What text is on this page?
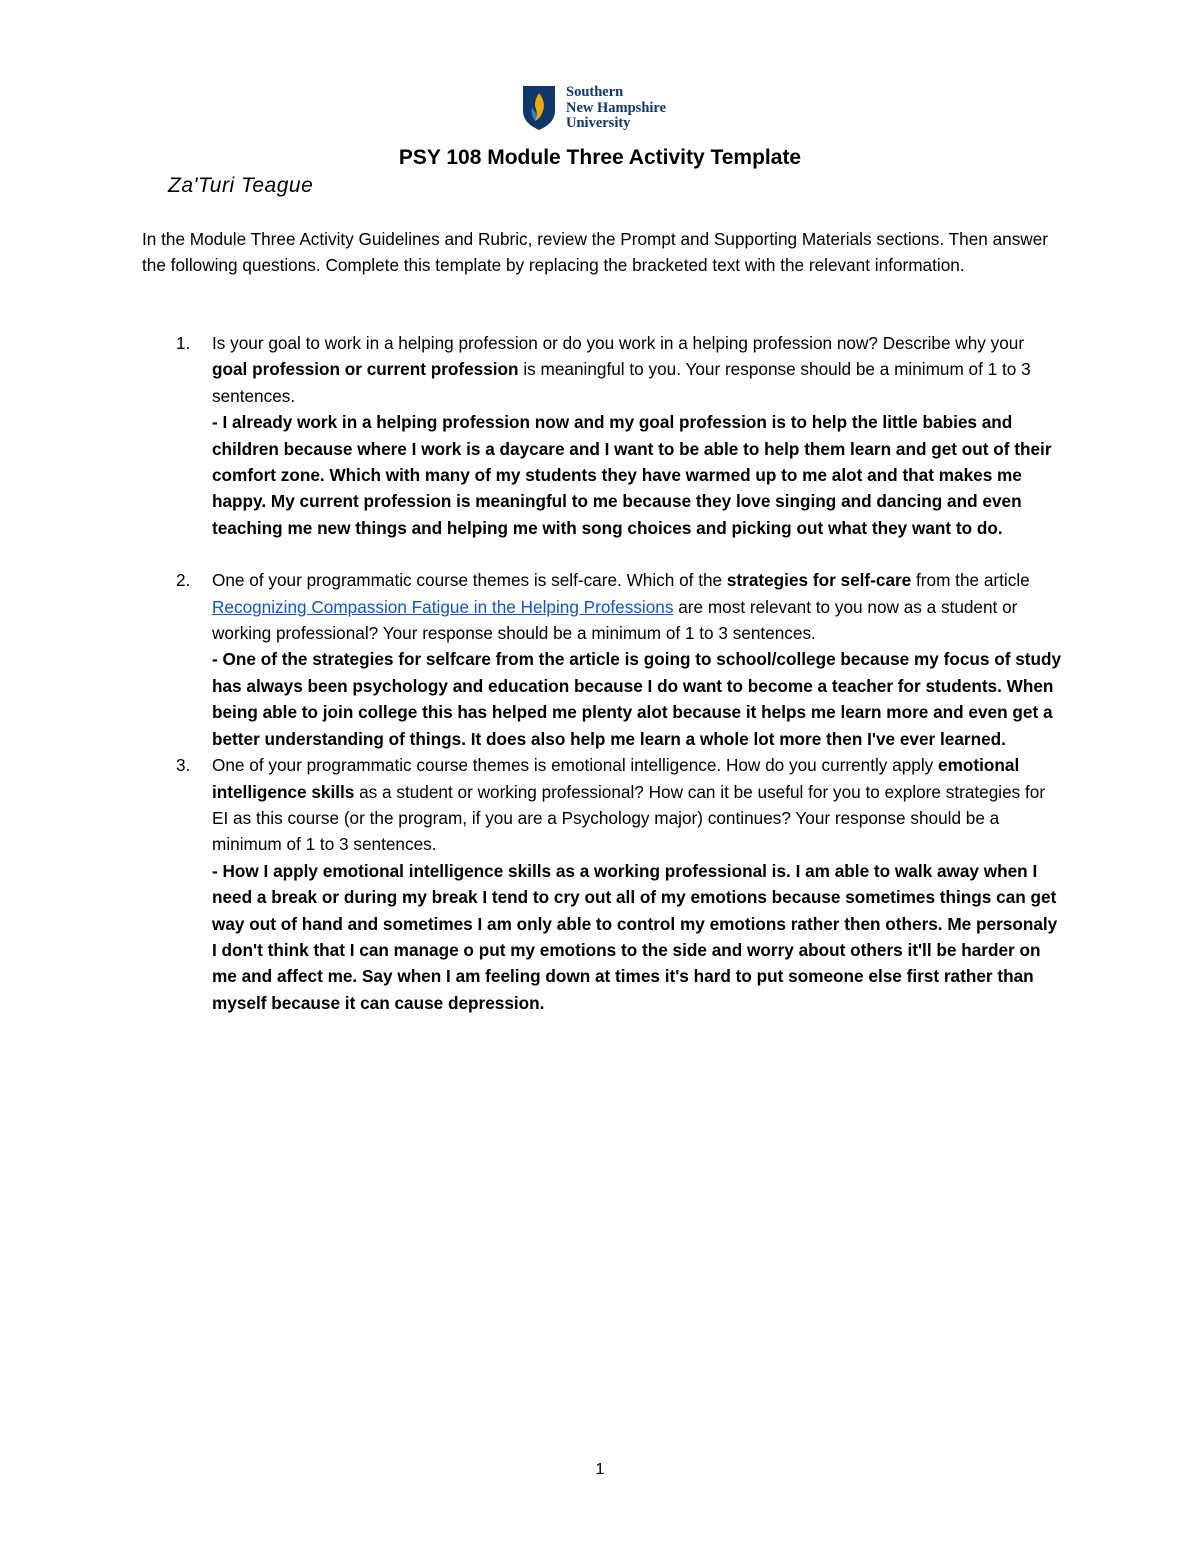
Southern
New Hampshire
University
PSY 108 Module Three Activity Template
Za'Turi Teague

In the Module Three Activity Guidelines and Rubric, review the Prompt and Supporting Materials sections. Then answer the following questions. Complete this template by replacing the bracketed text with the relevant information.

1. Is your goal to work in a helping profession or do you work in a helping profession now? Describe why your goal profession or current profession is meaningful to you. Your response should be a minimum of 1 to 3 sentences.
- I already work in a helping profession now and my goal profession is to help the little babies and children because where I work is a daycare and I want to be able to help them learn and get out of their comfort zone. Which with many of my students they have warmed up to me alot and that makes me happy. My current profession is meaningful to me because they love singing and dancing and even teaching me new things and helping me with song choices and picking out what they want to do.
2. One of your programmatic course themes is self-care. Which of the strategies for self-care from the article Recognizing Compassion Fatigue in the Helping Professions are most relevant to you now as a student or working professional? Your response should be a minimum of 1 to 3 sentences.
- One of the strategies for selfcare from the article is going to school/college because my focus of study has always been psychology and education because I do want to become a teacher for students. When being able to join college this has helped me plenty alot because it helps me learn more and even get a better understanding of things. It does also help me learn a whole lot more then I've ever learned.
3. One of your programmatic course themes is emotional intelligence. How do you currently apply emotional intelligence skills as a student or working professional? How can it be useful for you to explore strategies for EI as this course (or the program, if you are a Psychology major) continues? Your response should be a minimum of 1 to 3 sentences.
- How I apply emotional intelligence skills as a working professional is. I am able to walk away when I need a break or during my break I tend to cry out all of my emotions because sometimes things can get way out of hand and sometimes I am only able to control my emotions rather then others. Me personaly I don't think that I can manage o put my emotions to the side and worry about others it'll be harder on me and affect me. Say when I am feeling down at times it's hard to put someone else first rather than myself because it can cause depression.
1
